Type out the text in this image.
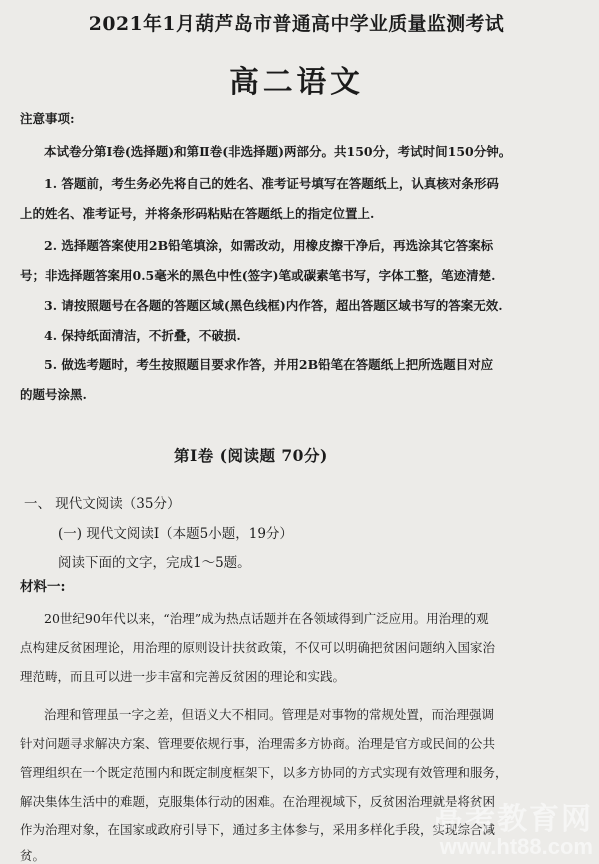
2021年1月葫芦岛市普通高中学业质量监测考试
高二语文
注意事项:
本试卷分第Ⅰ卷(选择题)和第Ⅱ卷(非选择题)两部分。共150分，考试时间150分钟。
1. 答题前，考生务必先将自己的姓名、准考证号填写在答题纸上，认真核对条形码
上的姓名、准考证号，并将条形码粘贴在答题纸上的指定位置上.
2. 选择题答案使用2B铅笔填涂，如需改动，用橡皮擦干净后，再选涂其它答案标
号；非选择题答案用0.5毫米的黑色中性(签字)笔或碳素笔书写，字体工整，笔迹清楚.
3. 请按照题号在各题的答题区域(黑色线框)内作答，超出答题区域书写的答案无效.
4. 保持纸面清洁，不折叠，不破损.
5. 做选考题时，考生按照题目要求作答，并用2B铅笔在答题纸上把所选题目对应
的题号涂黑.
第Ⅰ卷 (阅读题 70分)
一、 现代文阅读（35分）
(一) 现代文阅读Ⅰ（本题5小题，19分）
阅读下面的文字，完成1～5题。
材料一:
20世纪90年代以来，“治理”成为热点话题并在各领域得到广泛应用。用治理的观
点构建反贫困理论，用治理的原则设计扶贫政策，不仅可以明确把贫困问题纳入国家治
理范畴，而且可以进一步丰富和完善反贫困的理论和实践。
治理和管理虽一字之差，但语义大不相同。管理是对事物的常规处置，而治理强调
针对问题寻求解决方案、管理要依规行事，治理需多方协商。治理是官方或民间的公共
管理组织在一个既定范围内和既定制度框架下，以多方协同的方式实现有效管理和服务，
解决集体生活中的难题，克服集体行动的困难。在治理视域下，反贫困治理就是将贫困
作为治理对象，在国家或政府引导下，通过多主体参与，采用多样化手段，实现综合减
贫。
高考教育网
www.ht88.com
